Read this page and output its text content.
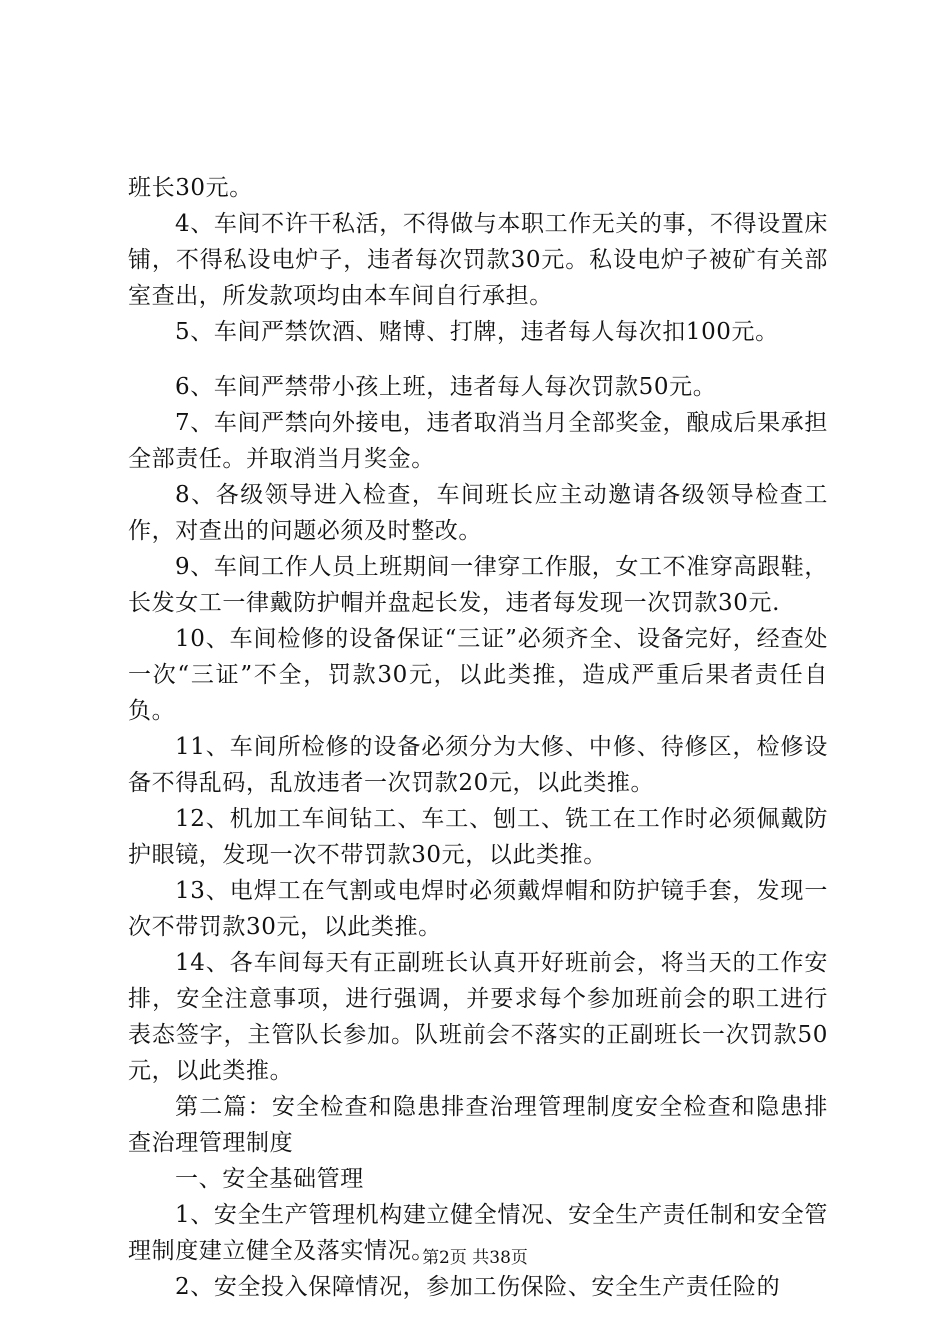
班长30元。

4、车间不许干私活，不得做与本职工作无关的事，不得设置床铺，不得私设电炉子，违者每次罚款30元。私设电炉子被矿有关部室查出，所发款项均由本车间自行承担。

5、车间严禁饮酒、赌博、打牌，违者每人每次扣100元。

6、车间严禁带小孩上班，违者每人每次罚款50元。

7、车间严禁向外接电，违者取消当月全部奖金，酿成后果承担全部责任。并取消当月奖金。

8、各级领导进入检查，车间班长应主动邀请各级领导检查工作，对查出的问题必须及时整改。

9、车间工作人员上班期间一律穿工作服，女工不准穿高跟鞋，长发女工一律戴防护帽并盘起长发，违者每发现一次罚款30元.

10、车间检修的设备保证“三证”必须齐全、设备完好，经查处一次“三证”不全，罚款30元，以此类推，造成严重后果者责任自负。

11、车间所检修的设备必须分为大修、中修、待修区，检修设备不得乱码，乱放违者一次罚款20元，以此类推。

12、机加工车间钻工、车工、刨工、铣工在工作时必须佩戴防护眼镜，发现一次不带罚款30元，以此类推。

13、电焊工在气割或电焊时必须戴焊帽和防护镜手套，发现一次不带罚款30元，以此类推。

14、各车间每天有正副班长认真开好班前会，将当天的工作安排，安全注意事项，进行强调，并要求每个参加班前会的职工进行表态签字，主管队长参加。队班前会不落实的正副班长一次罚款50元，以此类推。

第二篇：安全检查和隐患排查治理管理制度安全检查和隐患排查治理管理制度

一、安全基础管理

1、安全生产管理机构建立健全情况、安全生产责任制和安全管理制度建立健全及落实情况。

2、安全投入保障情况，参加工伤保险、安全生产责任险的

第2页 共38页
